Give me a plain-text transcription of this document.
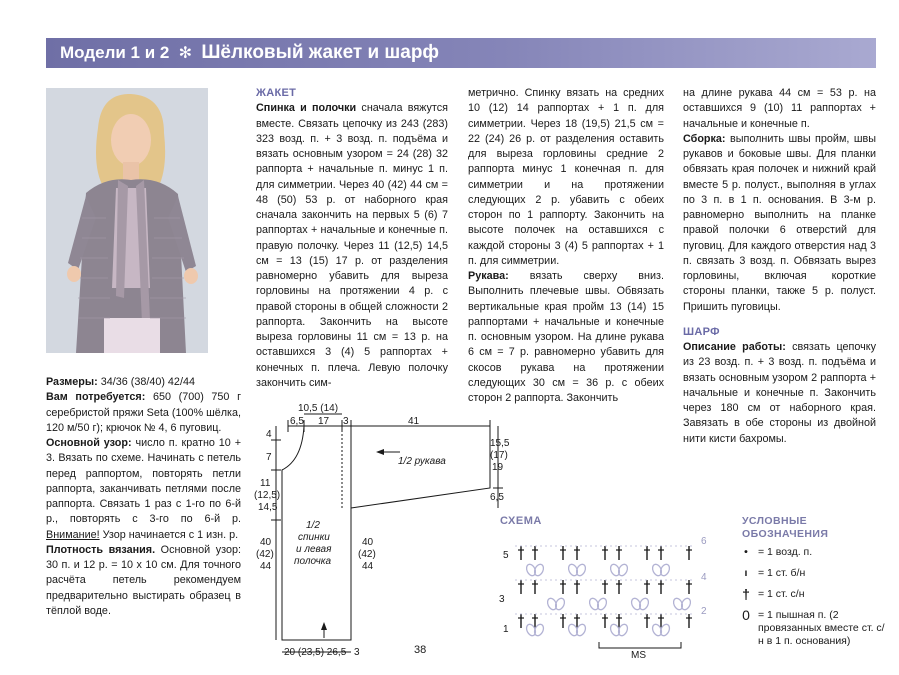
Модели 1 и 2 ✻ Шёлковый жакет и шарф

Размеры: 34/36 (38/40) 42/44

Вам потребуется: 650 (700) 750 г серебристой пряжи Seta (100% шёлка, 120 м/50 г); крючок № 4, 6 пуговиц.

Основной узор: число п. кратно 10 + 3. Вязать по схеме. Начинать с петель перед раппортом, повторять петли раппорта, заканчивать петлями после раппорта. Связать 1 раз с 1-го по 6-й р., повторять с 3-го по 6-й р. Внимание! Узор начинается с 1 изн. р.

Плотность вязания. Основной узор: 30 п. и 12 р. = 10 х 10 см. Для точного расчёта петель рекомендуем предварительно выстирать образец в тёплой воде.

ЖАКЕТ

Спинка и полочки сначала вяжутся вместе. Связать цепочку из 243 (283) 323 возд. п. + 3 возд. п. подъёма и вязать основным узором = 24 (28) 32 раппорта + начальные п. минус 1 п. для симметрии. Через 40 (42) 44 см = 48 (50) 53 р. от наборного края сначала закончить на первых 5 (6) 7 раппортах + начальные и конечные п. правую полочку. Через 11 (12,5) 14,5 см = 13 (15) 17 р. от разделения равномерно убавить для выреза горловины на протяжении 4 р. с правой стороны в общей сложности 2 раппорта. Закончить на высоте выреза горловины 11 см = 13 р. на оставшихся 3 (4) 5 раппортах + конечных п. плеча. Левую полочку закончить сим-

метрично. Спинку вязать на средних 10 (12) 14 раппортах + 1 п. для симметрии. Через 18 (19,5) 21,5 см = 22 (24) 26 р. от разделения оставить для выреза горловины средние 2 раппорта минус 1 конечная п. для симметрии и на протяжении следующих 2 р. убавить с обеих сторон по 1 раппорту. Закончить на высоте полочек на оставшихся с каждой стороны 3 (4) 5 раппортах + 1 п. для симметрии.

Рукава: вязать сверху вниз. Выполнить плечевые швы. Обвязать вертикальные края пройм 13 (14) 15 раппортами + начальные и конечные п. основным узором. На длине рукава 6 см = 7 р. равномерно убавить для скосов рукава на протяжении следующих 30 см = 36 р. с обеих сторон 2 раппорта. Закончить

на длине рукава 44 см = 53 р. на оставшихся 9 (10) 11 раппортах + начальные и конечные п.

Сборка: выполнить швы пройм, швы рукавов и боковые швы. Для планки обвязать края полочек и нижний край вместе 5 р. полуст., выполняя в углах по 3 п. в 1 п. основания. В 3-м р. равномерно выполнить на планке правой полочки 6 отверстий для пуговиц. Для каждого отверстия над 3 п. связать 3 возд. п. Обвязать вырез горловины, включая короткие стороны планки, также 5 р. полуст. Пришить пуговицы.

ШАРФ

Описание работы: связать цепочку из 23 возд. п. + 3 возд. п. подъёма и вязать основным узором 2 раппорта + начальные и конечные п. Закончить через 180 см от наборного края. Завязать в обе стороны из двойной нити кисти бахромы.

10,5 (14)
6,5 17 3	41
4
7
11
(12,5)
14,5
40
(42)
44
1/2
спинки
и левая
полочка
40
(42)
44
1/2 рукава
15,5
(17)
19
6,5
20 (23,5) 26,5 3	38
СХЕМА
5
3
1
6
4
2
MS
УСЛОВНЫЕ
ОБОЗНАЧЕНИЯ
• = 1 возд. п.
ı	= 1 ст. б/н
† = 1 ст. с/н
0 = 1 пышная п. (2 провязанных вместе ст. с/н в 1 п. основания)
